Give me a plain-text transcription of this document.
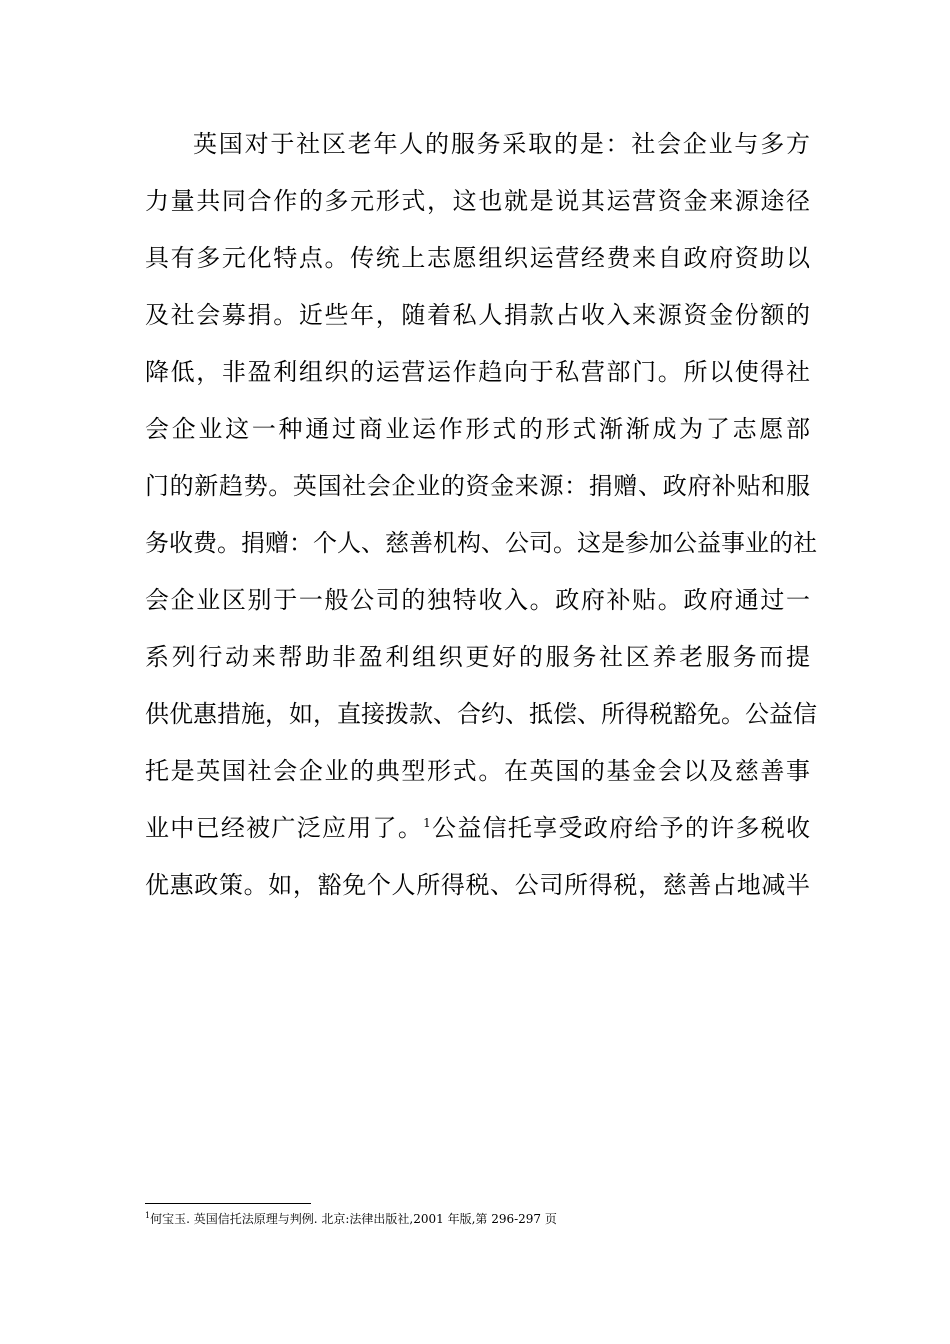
英国对于社区老年人的服务采取的是：社会企业与多方
力量共同合作的多元形式，这也就是说其运营资金来源途径
具有多元化特点。传统上志愿组织运营经费来自政府资助以
及社会募捐。近些年，随着私人捐款占收入来源资金份额的
降低，非盈利组织的运营运作趋向于私营部门。所以使得社
会企业这一种通过商业运作形式的形式渐渐成为了志愿部
门的新趋势。英国社会企业的资金来源：捐赠、政府补贴和服
务收费。捐赠：个人、慈善机构、公司。这是参加公益事业的社
会企业区别于一般公司的独特收入。政府补贴。政府通过一
系列行动来帮助非盈利组织更好的服务社区养老服务而提
供优惠措施，如，直接拨款、合约、抵偿、所得税豁免。公益信
托是英国社会企业的典型形式。在英国的基金会以及慈善事
业中已经被广泛应用了。$^1$公益信托享受政府给予的许多税收
优惠政策。如，豁免个人所得税、公司所得税，慈善占地减半
$^1$何宝玉. 英国信托法原理与判例. 北京:法律出版社,2001 年版,第 296-297 页
